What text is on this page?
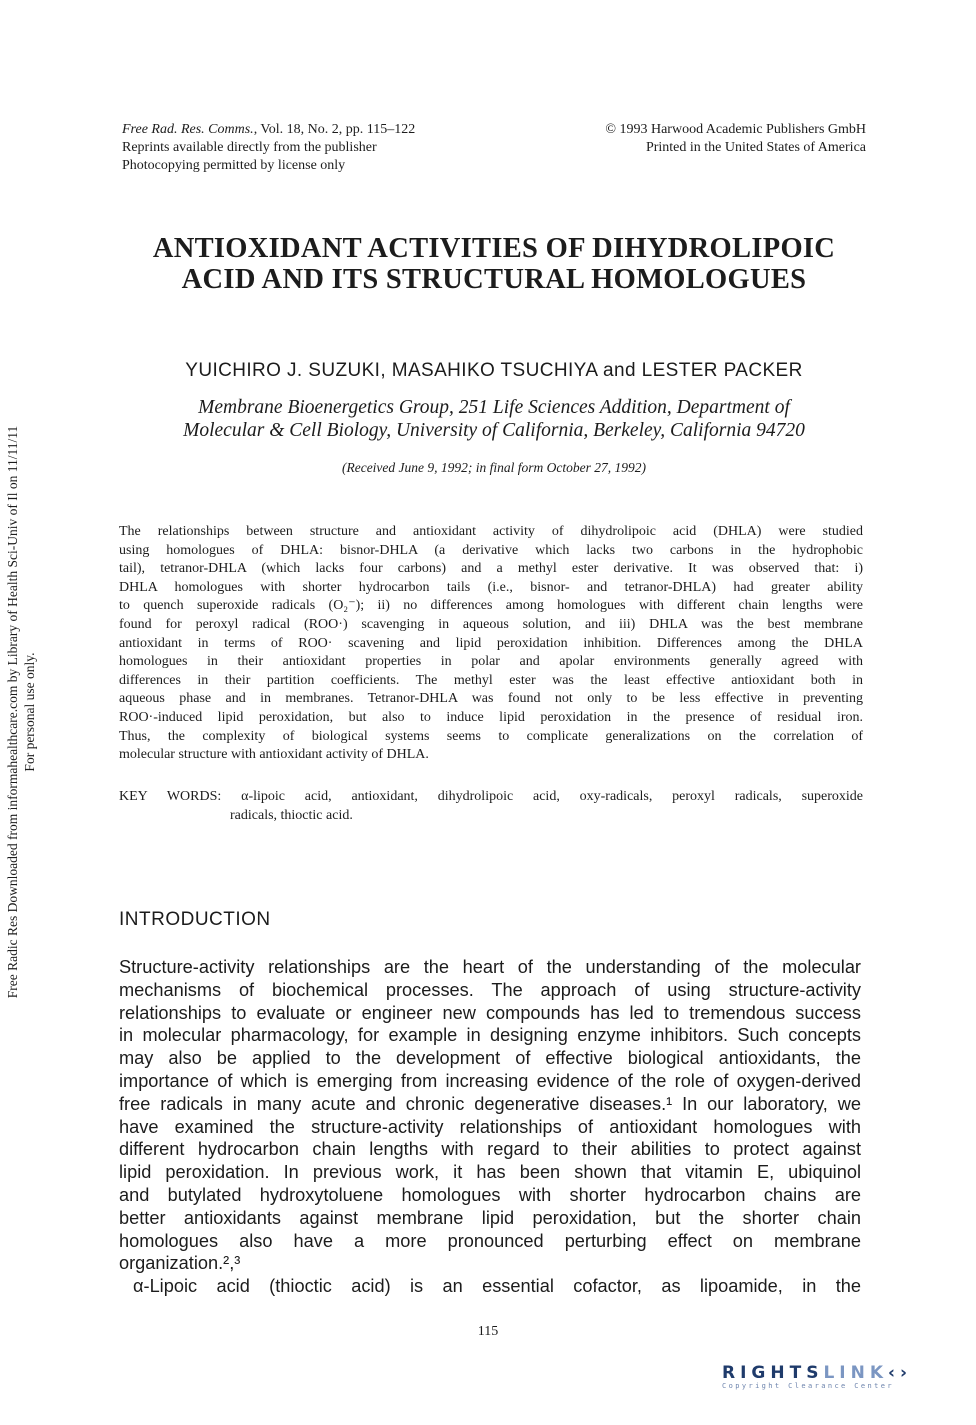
Free Radic Res Downloaded from informahealthcare.com by Library of Health Sci-Univ of Il on 11/11/11 For personal use only.
Free Rad. Res. Comms., Vol. 18, No. 2, pp. 115–122
Reprints available directly from the publisher
Photocopying permitted by license only
© 1993 Harwood Academic Publishers GmbH
Printed in the United States of America
ANTIOXIDANT ACTIVITIES OF DIHYDROLIPOIC
ACID AND ITS STRUCTURAL HOMOLOGUES
YUICHIRO J. SUZUKI, MASAHIKO TSUCHIYA and LESTER PACKER
Membrane Bioenergetics Group, 251 Life Sciences Addition, Department of
Molecular & Cell Biology, University of California, Berkeley, California 94720
(Received June 9, 1992; in final form October 27, 1992)
The relationships between structure and antioxidant activity of dihydrolipoic acid (DHLA) were studied
using homologues of DHLA: bisnor-DHLA (a derivative which lacks two carbons in the hydrophobic
tail), tetranor-DHLA (which lacks four carbons) and a methyl ester derivative. It was observed that: i)
DHLA homologues with shorter hydrocarbon tails (i.e., bisnor- and tetranor-DHLA) had greater ability
to quench superoxide radicals (O₂⁻); ii) no differences among homologues with different chain lengths were
found for peroxyl radical (ROO·) scavenging in aqueous solution, and iii) DHLA was the best membrane
antioxidant in terms of ROO· scavening and lipid peroxidation inhibition. Differences among the DHLA
homologues in their antioxidant properties in polar and apolar environments generally agreed with
differences in their partition coefficients. The methyl ester was the least effective antioxidant both in
aqueous phase and in membranes. Tetranor-DHLA was found not only to be less effective in preventing
ROO·-induced lipid peroxidation, but also to induce lipid peroxidation in the presence of residual iron.
Thus, the complexity of biological systems seems to complicate generalizations on the correlation of
molecular structure with antioxidant activity of DHLA.
KEY WORDS: α-lipoic acid, antioxidant, dihydrolipoic acid, oxy-radicals, peroxyl radicals, superoxide
radicals, thioctic acid.
INTRODUCTION
Structure-activity relationships are the heart of the understanding of the molecular
mechanisms of biochemical processes. The approach of using structure-activity
relationships to evaluate or engineer new compounds has led to tremendous success
in molecular pharmacology, for example in designing enzyme inhibitors. Such concepts
may also be applied to the development of effective biological antioxidants, the
importance of which is emerging from increasing evidence of the role of oxygen-derived
free radicals in many acute and chronic degenerative diseases.¹ In our laboratory, we
have examined the structure-activity relationships of antioxidant homologues with
different hydrocarbon chain lengths with regard to their abilities to protect against
lipid peroxidation. In previous work, it has been shown that vitamin E, ubiquinol
and butylated hydroxytoluene homologues with shorter hydrocarbon chains are
better antioxidants against membrane lipid peroxidation, but the shorter chain
homologues also have a more pronounced perturbing effect on membrane
organization.²,³
α-Lipoic acid (thioctic acid) is an essential cofactor, as lipoamide, in the
115
RIGHTSLINK‹›
Copyright Clearance Center
